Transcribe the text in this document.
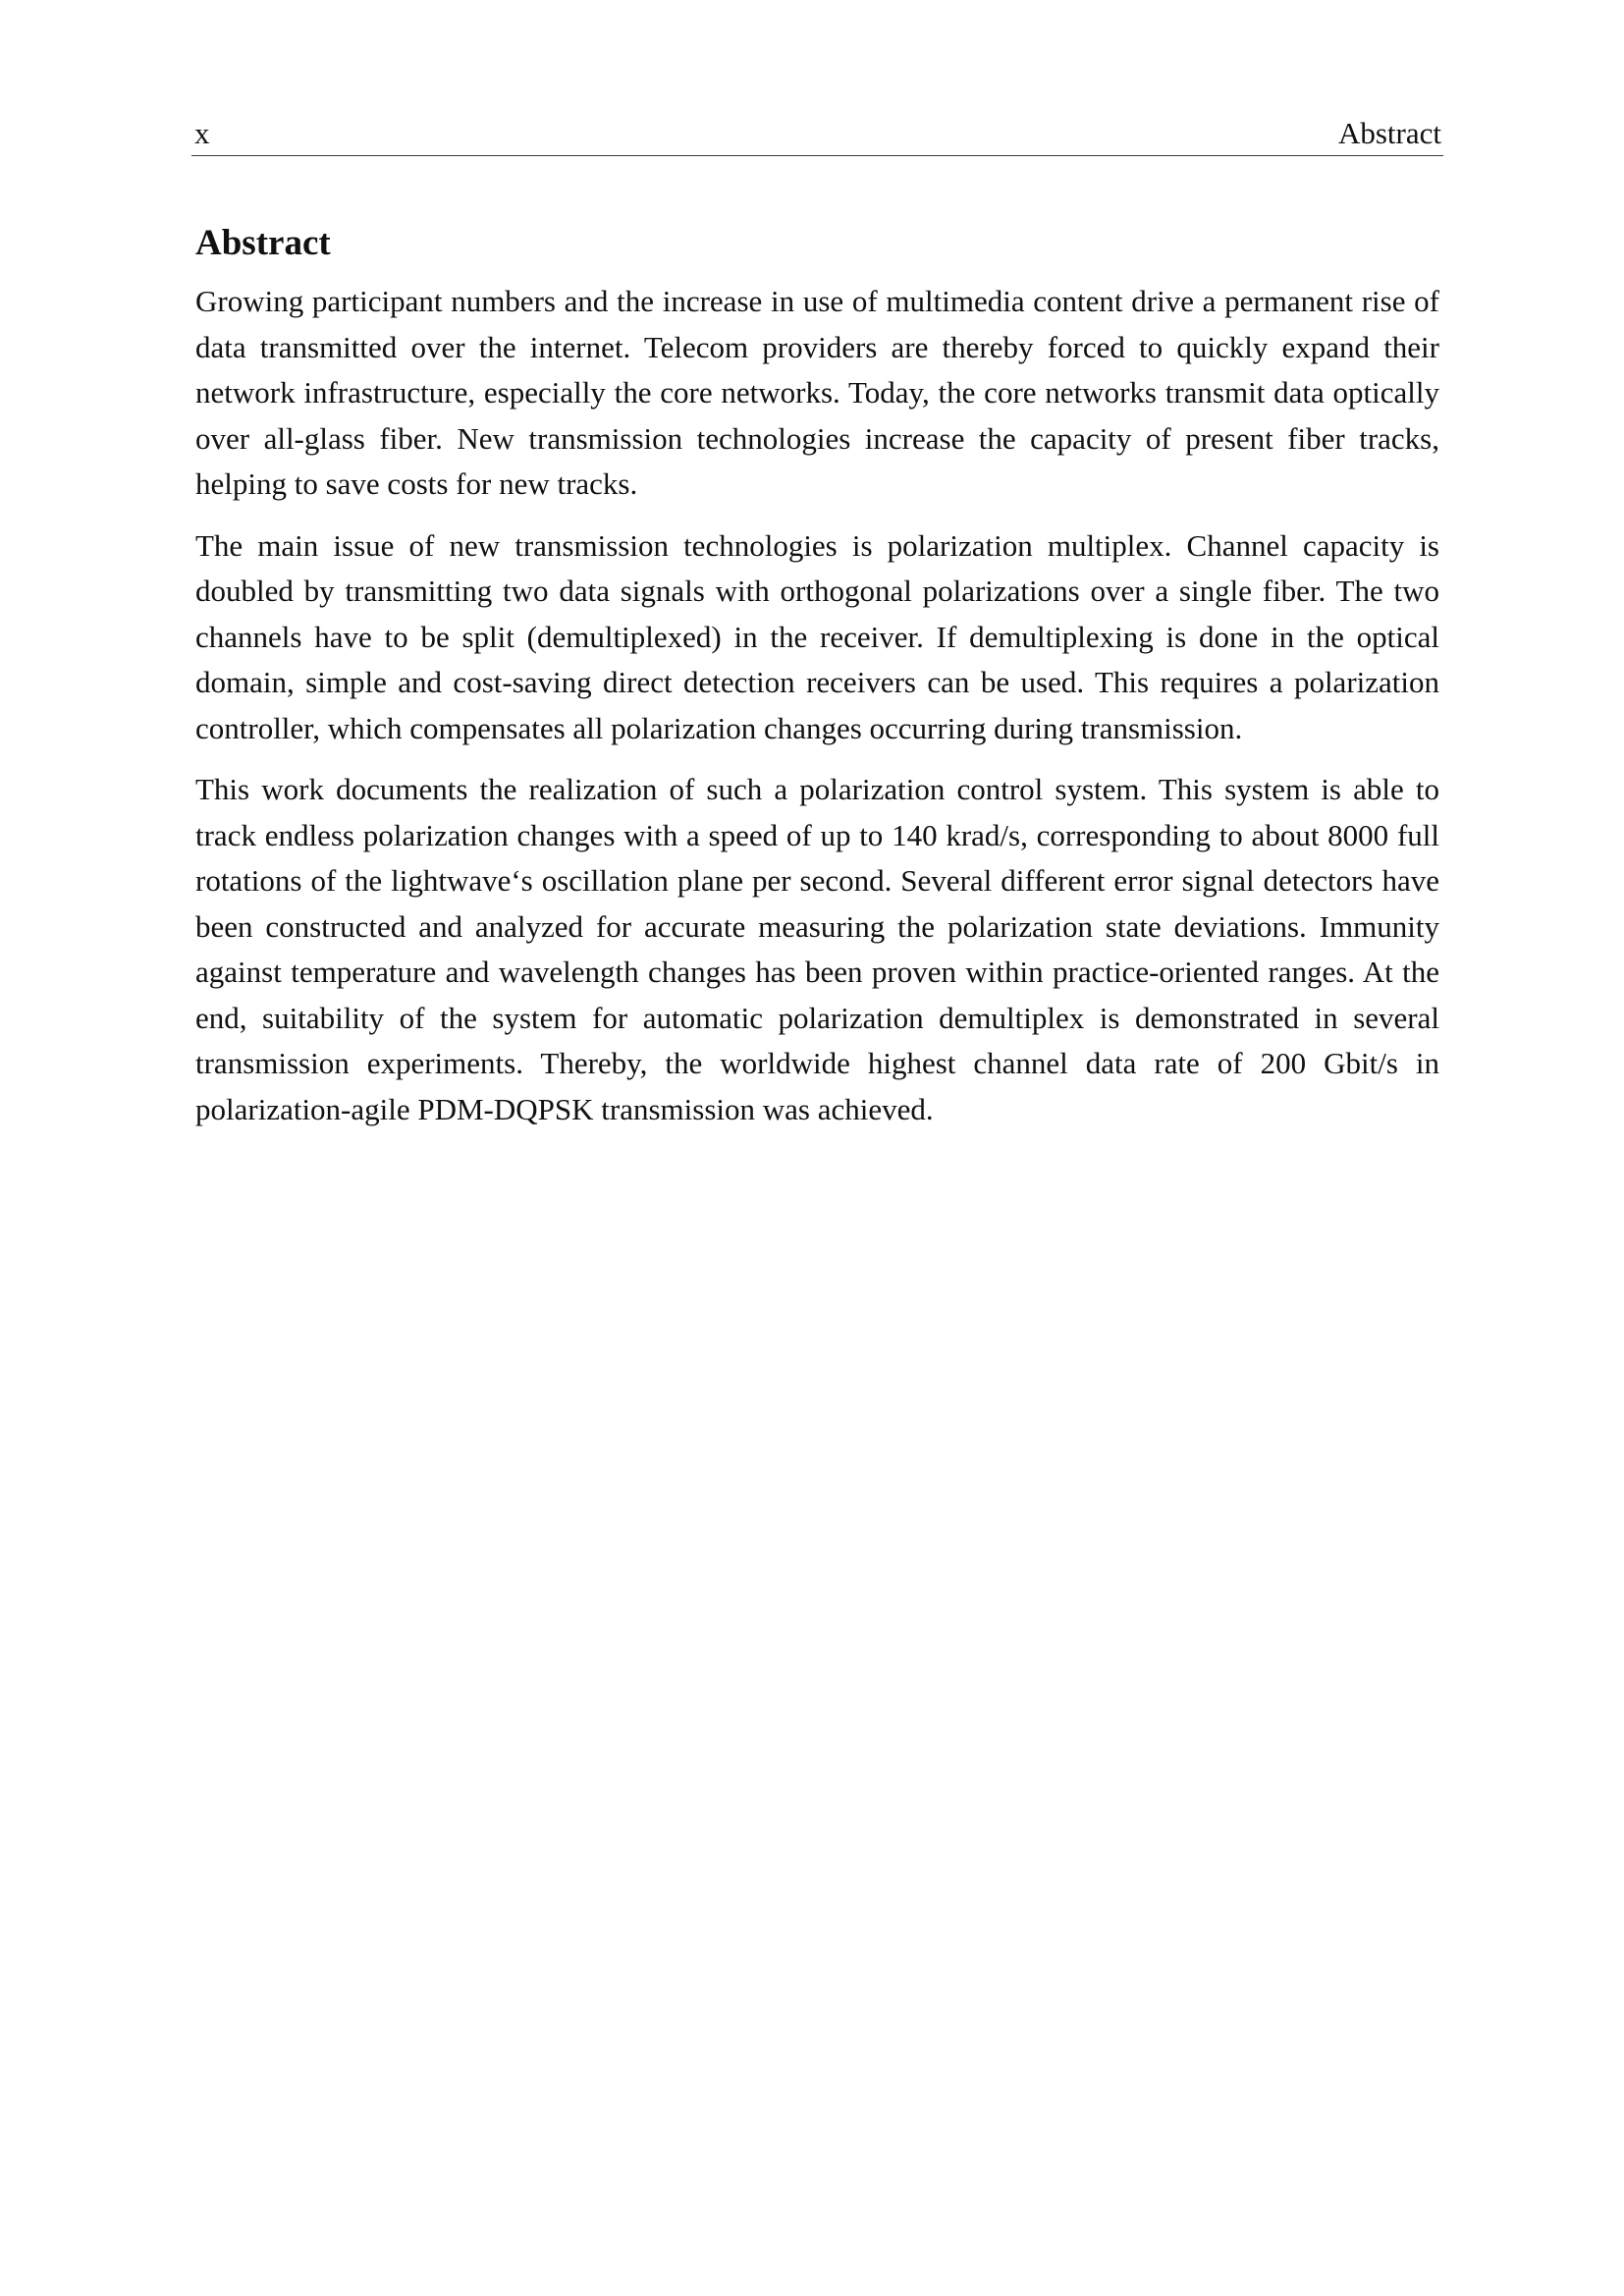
x	Abstract
Abstract

Growing participant numbers and the increase in use of multimedia content drive a permanent rise of data transmitted over the internet. Telecom providers are thereby forced to quickly expand their network infrastructure, especially the core networks. Today, the core networks transmit data optically over all-glass fiber. New transmission technologies increase the capacity of present fiber tracks, helping to save costs for new tracks.

The main issue of new transmission technologies is polarization multiplex. Channel capacity is doubled by transmitting two data signals with orthogonal polarizations over a single fiber. The two channels have to be split (demultiplexed) in the receiver. If demultiplexing is done in the optical domain, simple and cost-saving direct detection receivers can be used. This requires a polarization controller, which compensates all polarization changes occurring during transmission.

This work documents the realization of such a polarization control system. This system is able to track endless polarization changes with a speed of up to 140 krad/s, corresponding to about 8000 full rotations of the lightwave‘s oscillation plane per second. Several different error signal detectors have been constructed and analyzed for accurate measuring the polarization state deviations. Immunity against temperature and wavelength changes has been proven within practice-oriented ranges. At the end, suitability of the system for automatic polarization demultiplex is demonstrated in several transmission experiments. Thereby, the worldwide highest channel data rate of 200 Gbit/s in polarization-agile PDM-DQPSK transmission was achieved.
